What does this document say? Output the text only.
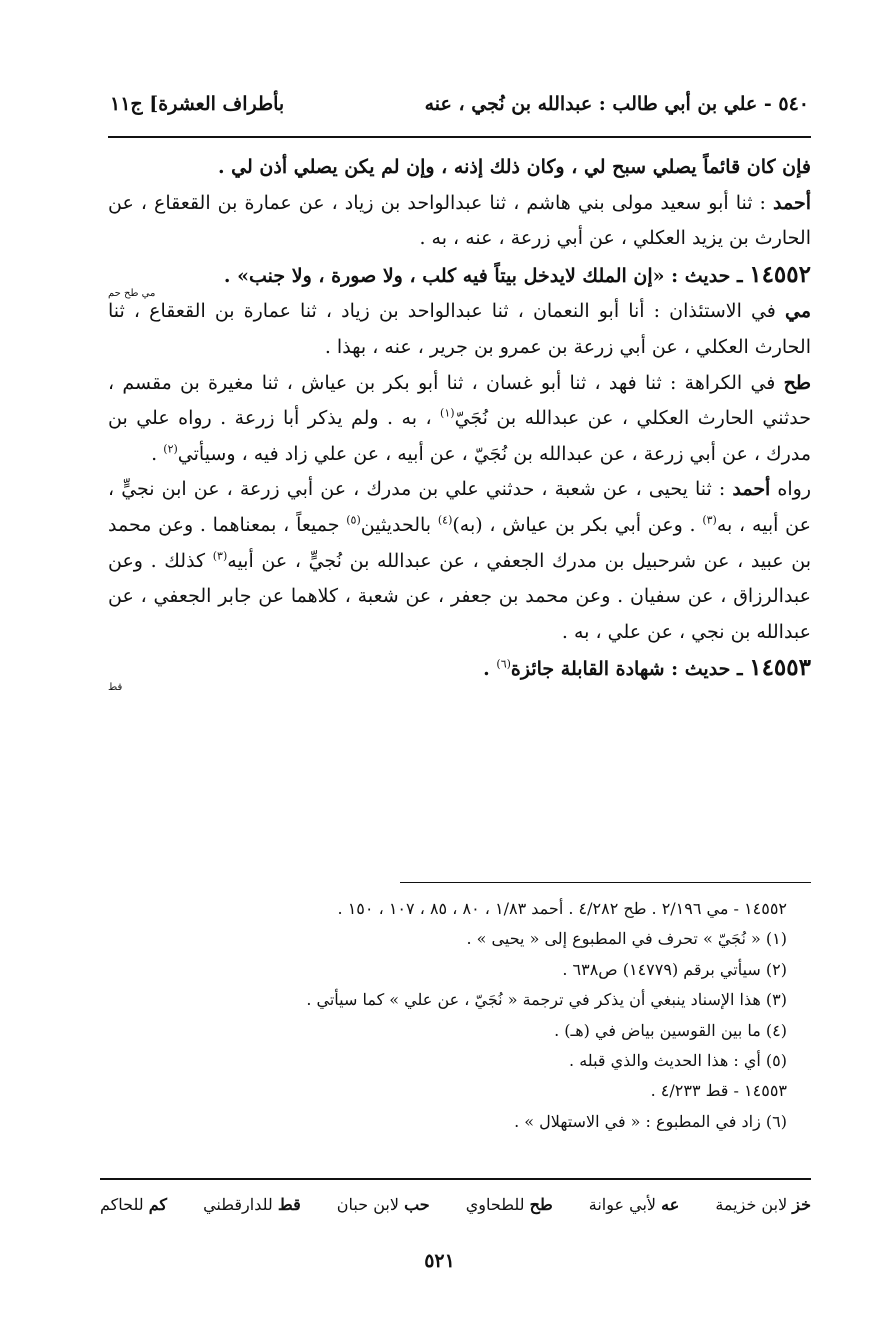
٥٤٠ - علي بن أبي طالب : عبدالله بن نُجي ، عنه
بأطراف العشرة] ج١١

فإن كان قائماً يصلي سبح لي ، وكان ذلك إذنه ، وإن لم يكن يصلي أذن لي .

أحمد : ثنا أبو سعيد مولى بني هاشم ، ثنا عبدالواحد بن زياد ، عن عمارة بن القعقاع ، عن الحارث بن يزيد العكلي ، عن أبي زرعة ، عنه ، به .

١٤٥٥٢ ـ حديث : «إن الملك لايدخل بيتاً فيه كلب ، ولا صورة ، ولا جنب» .

مي طح حم

مي في الاستئذان : أنا أبو النعمان ، ثنا عبدالواحد بن زياد ، ثنا عمارة بن القعقاع ، ثنا الحارث العكلي ، عن أبي زرعة بن عمرو بن جرير ، عنه ، بهذا .

طح في الكراهة : ثنا فهد ، ثنا أبو غسان ، ثنا أبو بكر بن عياش ، ثنا مغيرة بن مقسم ، حدثني الحارث العكلي ، عن عبدالله بن نُجَيّ$^{(١)}$ ، به . ولم يذكر أبا زرعة . رواه علي بن مدرك ، عن أبي زرعة ، عن عبدالله بن نُجَيّ ، عن أبيه ، عن علي زاد فيه ، وسيأتي$^{(٢)}$ .

رواه أحمد : ثنا يحيى ، عن شعبة ، حدثني علي بن مدرك ، عن أبي زرعة ، عن ابن نجيٍّ ، عن أبيه ، به$^{(٣)}$ . وعن أبي بكر بن عياش ، (به)$^{(٤)}$ بالحديثين$^{(٥)}$ جميعاً ، بمعناهما . وعن محمد بن عبيد ، عن شرحبيل بن مدرك الجعفي ، عن عبدالله بن نُجيٍّ ، عن أبيه$^{(٣)}$ كذلك . وعن عبدالرزاق ، عن سفيان . وعن محمد بن جعفر ، عن شعبة ، كلاهما عن جابر الجعفي ، عن عبدالله بن نجي ، عن علي ، به .

١٤٥٥٣ ـ حديث : شهادة القابلة جائزة$^{(٦)}$ .

قط
١٤٥٥٢ - مي ٢/١٩٦ . طح ٤/٢٨٢ . أحمد ١/٨٣ ، ٨٠ ، ٨٥ ، ١٠٧ ، ١٥٠ .
(١) « نُجَيّ » تحرف في المطبوع إلى « يحيى » .
(٢) سيأتي برقم (١٤٧٧٩) ص٦٣٨ .
(٣) هذا الإسناد ينبغي أن يذكر في ترجمة « نُجَيّ ، عن علي » كما سيأتي .
(٤) ما بين القوسين بياض في (هـ) .
(٥) أي : هذا الحديث والذي قبله .
١٤٥٥٣ - قط ٤/٢٣٣ .
(٦) زاد في المطبوع : « في الاستهلال » .
خز لابن خزيمة
عه لأبي عوانة
طح للطحاوي
حب لابن حبان
قط للدارقطني
كم للحاكم
٥٢١
